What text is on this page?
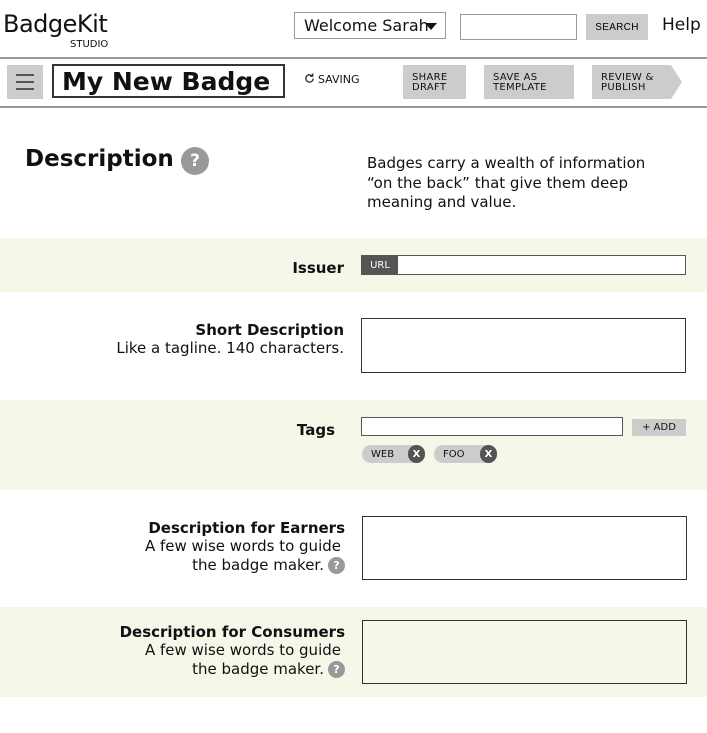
BadgeKit
STUDIO
Welcome Sarah	SEARCH	Help
My New Badge	SAVING	SHARE
DRAFT
SAVE AS
TEMPLATE
REVIEW &
PUBLISH
Description ?	Badges carry a wealth of information “on the back” that give them deep meaning and value.
Issuer	URL
Short Description
Like a tagline. 140 characters.
Tags	+ ADD
WEB	X	FOO	X
Description for Earners
A few wise words to guide
the badge maker. ?
Description for Consumers
A few wise words to guide
the badge maker. ?
